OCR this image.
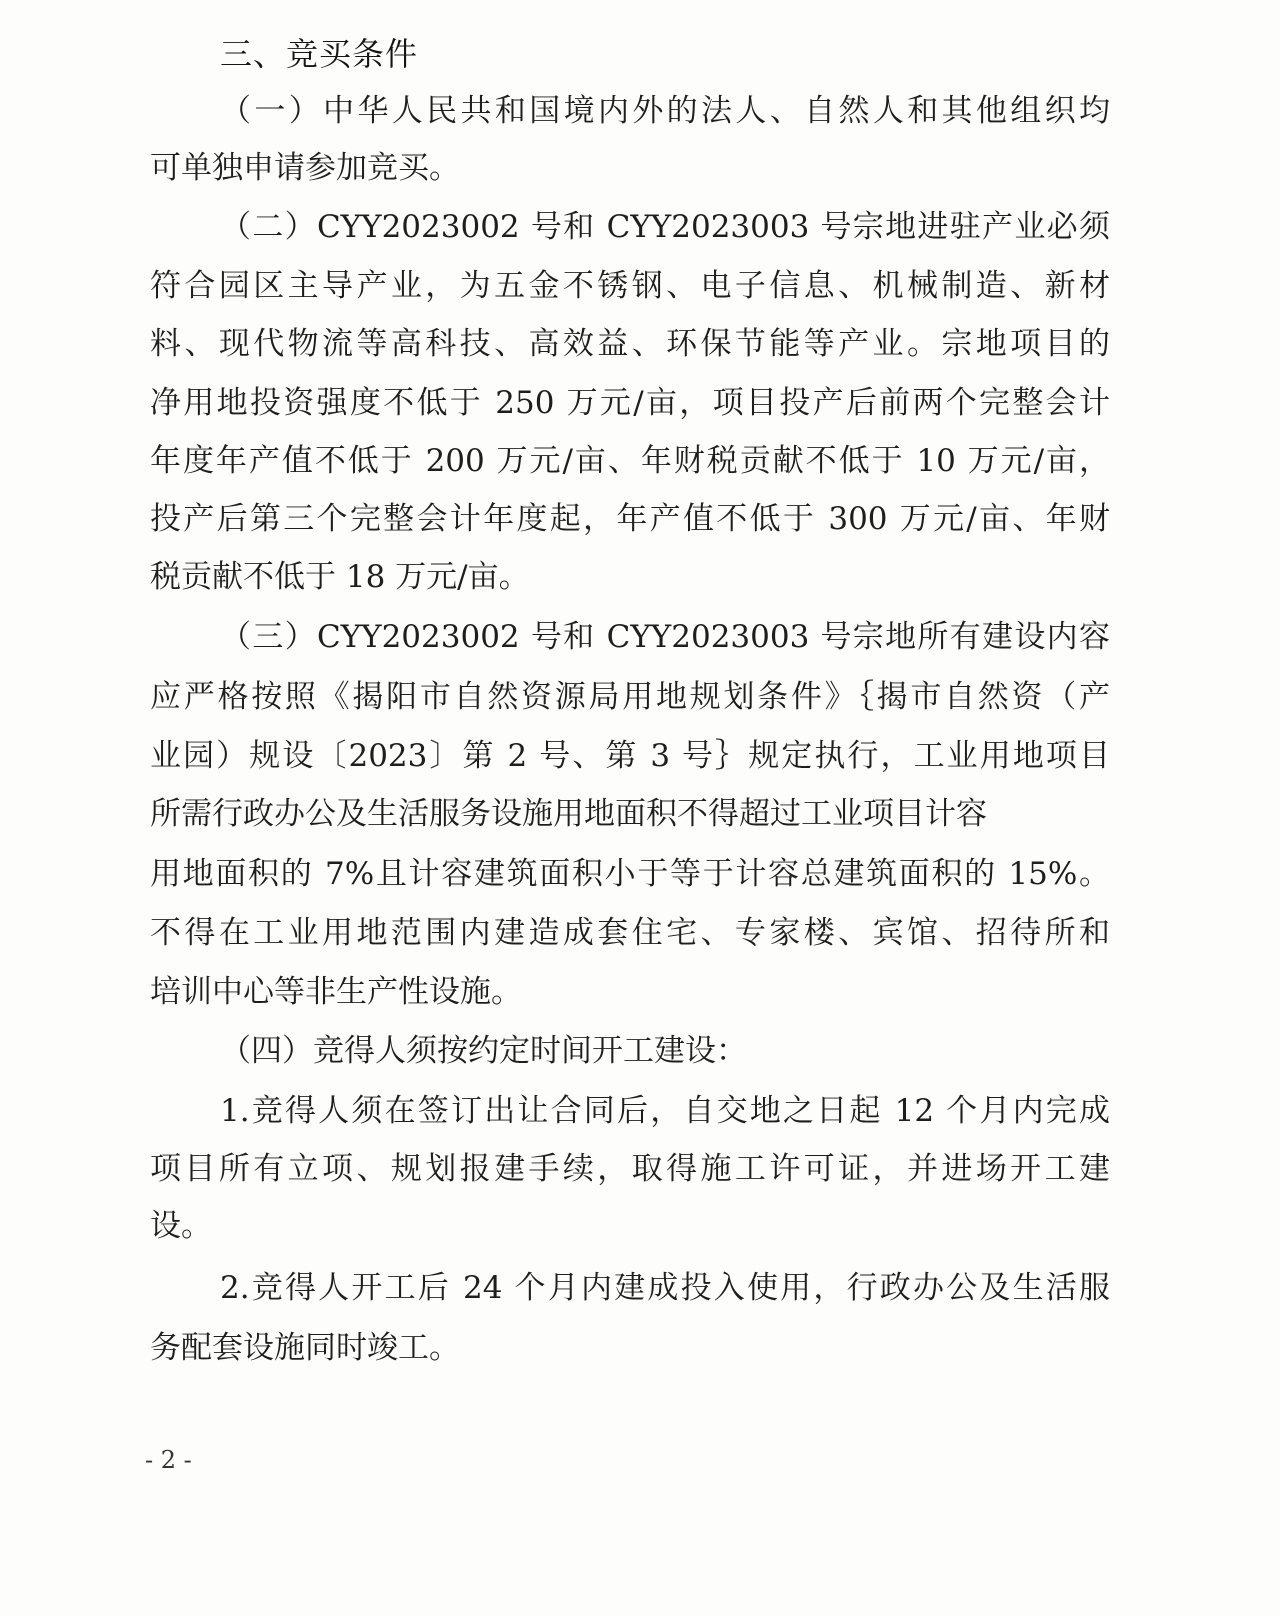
三、竞买条件
（一）中华人民共和国境内外的法人、自然人和其他组织均
可单独申请参加竞买。
（二）CYY2023002 号和 CYY2023003 号宗地进驻产业必须
符合园区主导产业，为五金不锈钢、电子信息、机械制造、新材
料、现代物流等高科技、高效益、环保节能等产业。宗地项目的
净用地投资强度不低于 250 万元/亩，项目投产后前两个完整会计
年度年产值不低于 200 万元/亩、年财税贡献不低于 10 万元/亩，
投产后第三个完整会计年度起，年产值不低于 300 万元/亩、年财
税贡献不低于 18 万元/亩。
（三）CYY2023002 号和 CYY2023003 号宗地所有建设内容
应严格按照《揭阳市自然资源局用地规划条件》｛揭市自然资（产
业园）规设〔2023〕第 2 号、第 3 号｝规定执行，工业用地项目
所需行政办公及生活服务设施用地面积不得超过工业项目计容
用地面积的 7%且计容建筑面积小于等于计容总建筑面积的 15%。
不得在工业用地范围内建造成套住宅、专家楼、宾馆、招待所和
培训中心等非生产性设施。
（四）竞得人须按约定时间开工建设：
1.竞得人须在签订出让合同后，自交地之日起 12 个月内完成
项目所有立项、规划报建手续，取得施工许可证，并进场开工建
设。
2.竞得人开工后 24 个月内建成投入使用，行政办公及生活服
务配套设施同时竣工。
- 2 -
